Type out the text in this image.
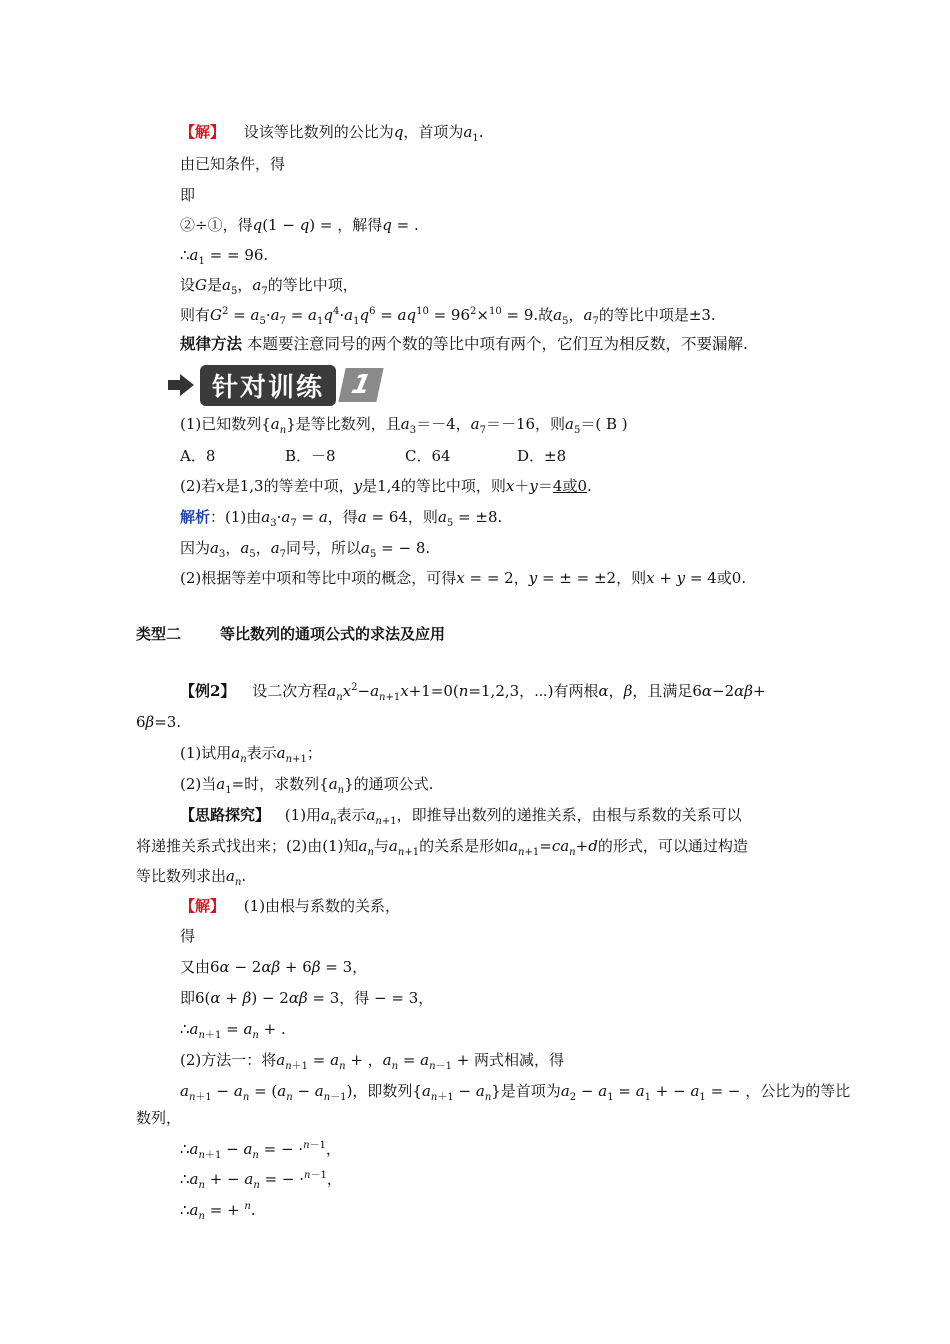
【解】 设该等比数列的公比为q，首项为$a_1$.
由已知条件，得
即
②÷①，得q(1 − q) = ，解得q = .
$\therefore a_1$ = = 96.
设G是$a_5$，$a_7$的等比中项，
则有$G^2 = a_5\cdot a_7 = a_1q^4\cdot a_1q^6 = aq^{10} = 96^2\times^{10} = 9$.故$a_5$，$a_7$的等比中项是±3.
规律方法 本题要注意同号的两个数的等比中项有两个，它们互为相反数，不要漏解.
针对训练 1
(1)已知数列$\{a_n\}$是等比数列，且$a_3=-4$，$a_7=-16$，则$a_5=$( B )
A．8	B．－8	C．64	D．±8
(2)若x是1,3的等差中项，y是1,4的等比中项，则x＋y＝4或0.
解析：(1)由$a_3\cdot a_7 = a$，得a = 64，则$a_5 = \pm 8$.
因为$a_3$，$a_5$，$a_7$同号，所以$a_5$ = − 8.
(2)根据等差中项和等比中项的概念，可得x = = 2，y = ± = ±2，则x + y = 4或0.
类型二	等比数列的通项公式的求法及应用
【例2】 设二次方程$a_nx^2-a_{n+1}x+1=0(n=1,2,3$，⋯)有两根α，β，且满足6α−2αβ+
6β=3.
(1)试用$a_n$表示$a_{n+1}$；
(2)当$a_1=$时，求数列$\{a_n\}$的通项公式.
【思路探究】 (1)用$a_n$表示$a_{n+1}$，即推导出数列的递推关系，由根与系数的关系可以
将递推关系式找出来；(2)由(1)知$a_n$与$a_{n+1}$的关系是形如$a_{n+1}=ca_n+d$的形式，可以通过构造
等比数列求出$a_n$.
【解】 (1)由根与系数的关系，
得
又由6α − 2αβ + 6β = 3，
即6(α + β) − 2αβ = 3，得 − = 3，
$\therefore a_{n+1} = a_n$ + .
(2)方法一：将$a_{n+1} = a_n$ + ，$a_n = a_{n-1}$ + 两式相减，得
$a_{n+1} - a_n = (a_n - a_{n-1})$，即数列$\{a_{n+1} - a_n\}$是首项为$a_2 - a_1 = a_1$ + − $a_1$ = − ，公比为的等比
数列，
$\therefore a_{n+1} - a_n$ = − ·$^{n-1}$，
$\therefore a_n$ + − $a_n$ = − ·$^{n-1}$，
$\therefore a_n$ = + $^n$.
